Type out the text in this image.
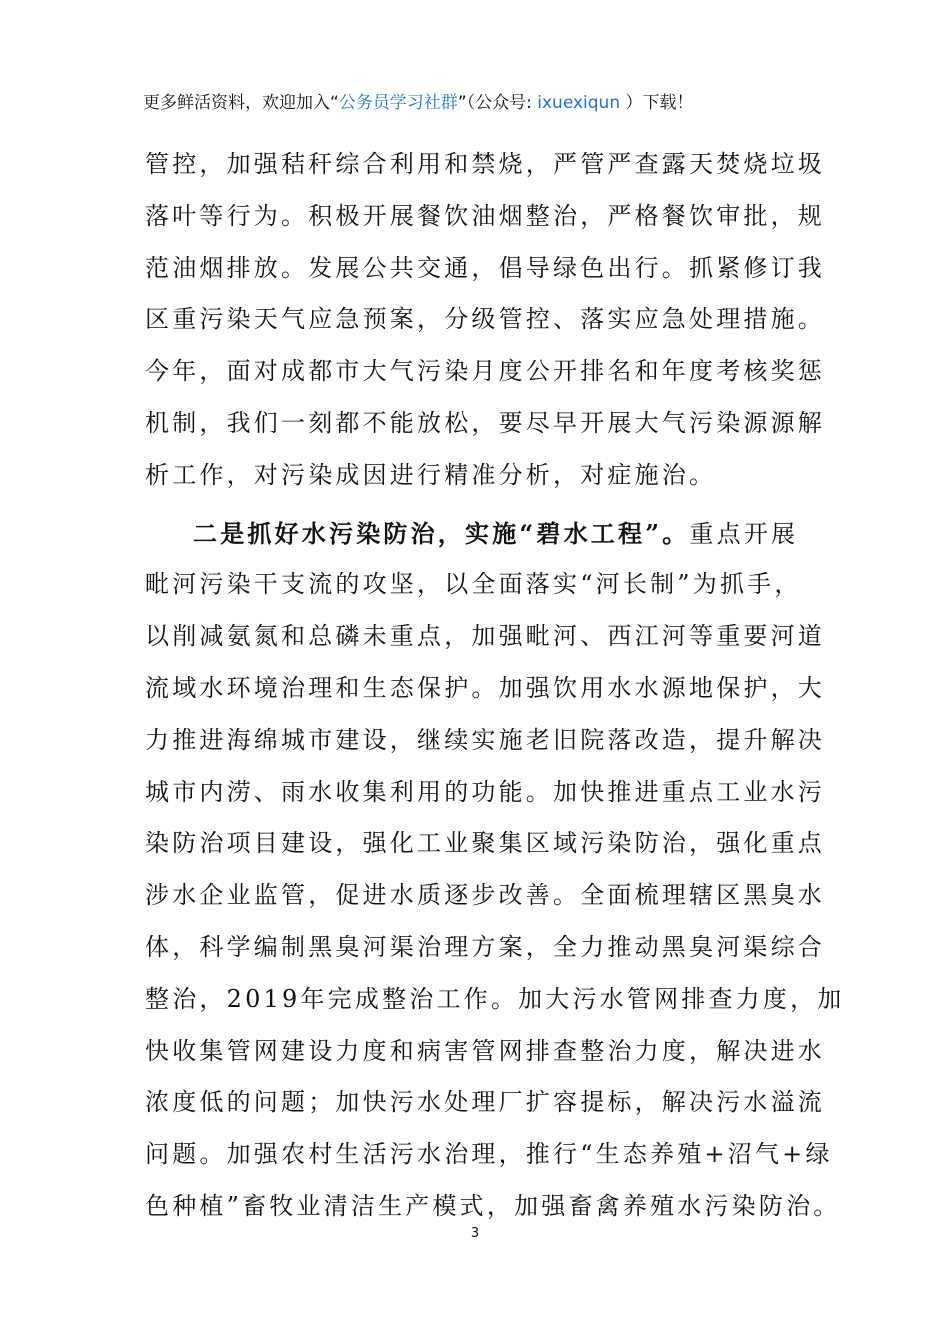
更多鲜活资料，欢迎加入“公务员学习社群”（公众号: ixuexiqun ）下载！
管控，加强秸秆综合利用和禁烧，严管严查露天焚烧垃圾
落叶等行为。积极开展餐饮油烟整治，严格餐饮审批，规
范油烟排放。发展公共交通，倡导绿色出行。抓紧修订我
区重污染天气应急预案，分级管控、落实应急处理措施。
今年，面对成都市大气污染月度公开排名和年度考核奖惩
机制，我们一刻都不能放松，要尽早开展大气污染源源解
析工作，对污染成因进行精准分析，对症施治。
二是抓好水污染防治，实施“碧水工程”。重点开展
毗河污染干支流的攻坚，以全面落实“河长制”为抓手，
以削减氨氮和总磷未重点，加强毗河、西江河等重要河道
流域水环境治理和生态保护。加强饮用水水源地保护，大
力推进海绵城市建设，继续实施老旧院落改造，提升解决
城市内涝、雨水收集利用的功能。加快推进重点工业水污
染防治项目建设，强化工业聚集区域污染防治，强化重点
涉水企业监管，促进水质逐步改善。全面梳理辖区黑臭水
体，科学编制黑臭河渠治理方案，全力推动黑臭河渠综合
整治，2019年完成整治工作。加大污水管网排查力度，加
快收集管网建设力度和病害管网排查整治力度，解决进水
浓度低的问题；加快污水处理厂扩容提标，解决污水溢流
问题。加强农村生活污水治理，推行“生态养殖+沼气+绿
色种植”畜牧业清洁生产模式，加强畜禽养殖水污染防治。
3
